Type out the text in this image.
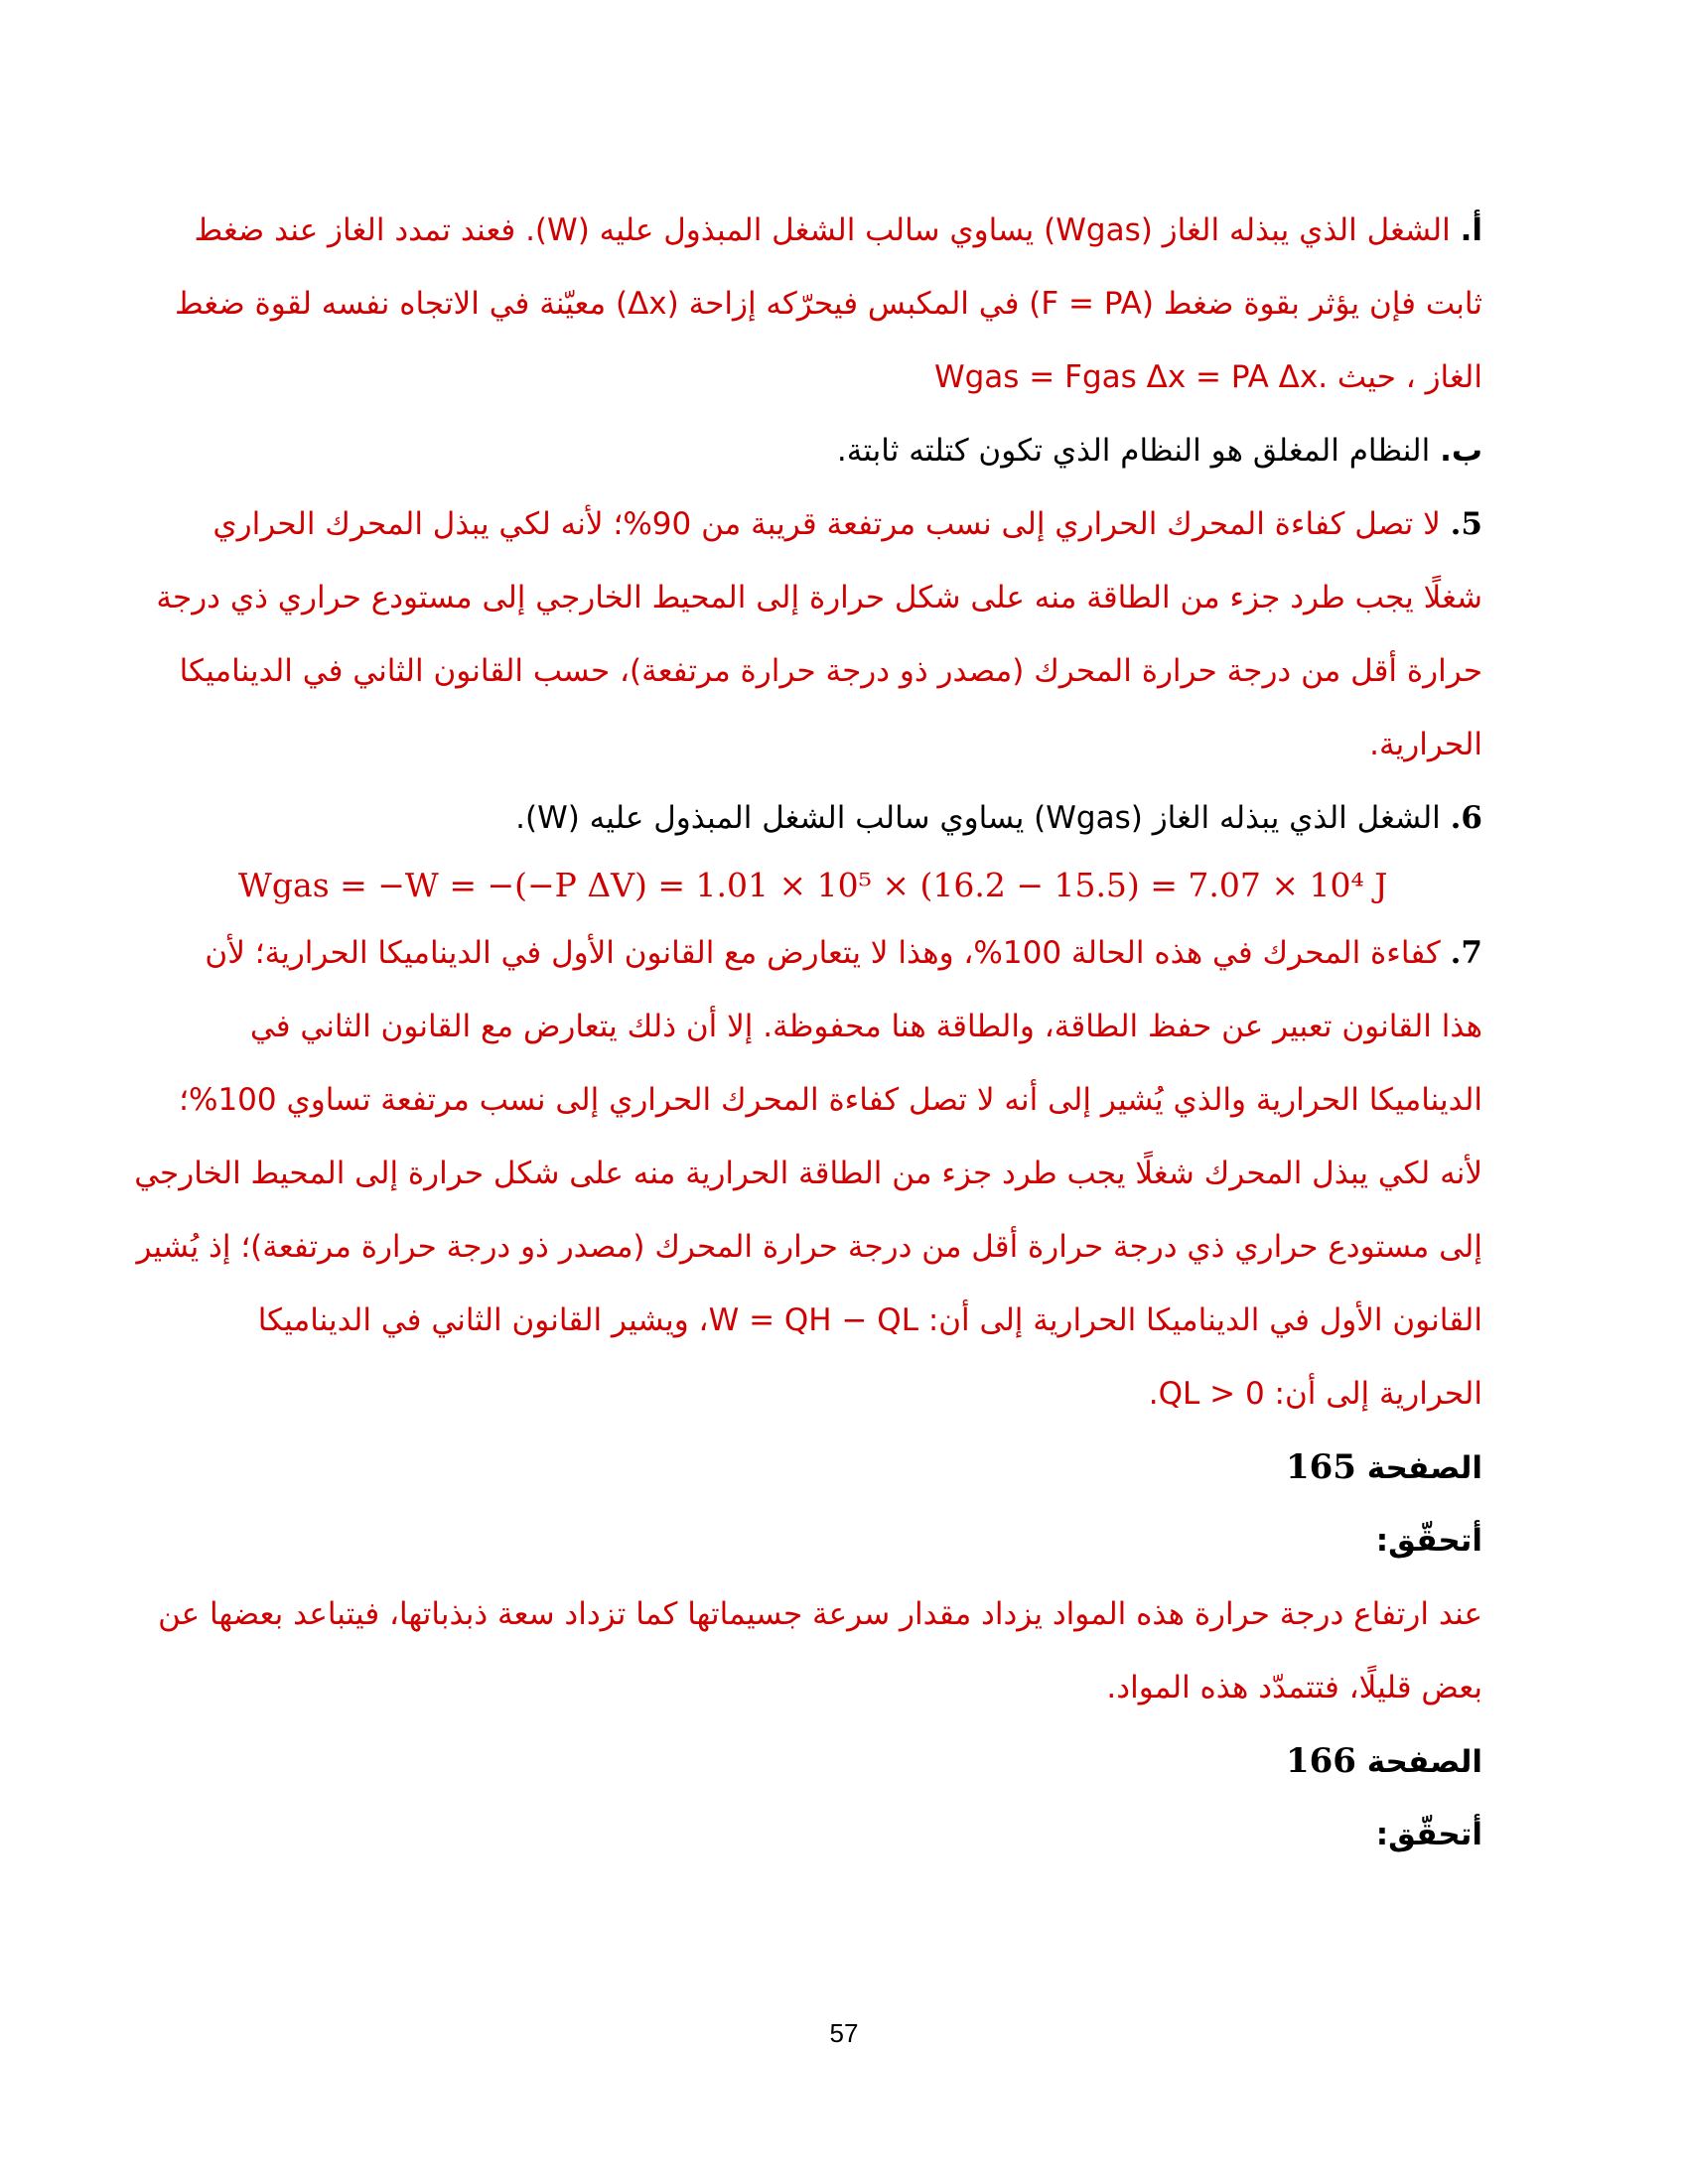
أ. الشغل الذي يبذله الغاز (Wgas) يساوي سالب الشغل المبذول عليه (W). فعند تمدد الغاز عند ضغط
ثابت فإن يؤثر بقوة ضغط (F = PA) في المكبس فيحرّكه إزاحة (Δx) معيّنة في الاتجاه نفسه لقوة ضغط
الغاز ، حيث .Wgas = Fgas Δx = PA Δx
ب. النظام المغلق هو النظام الذي تكون كتلته ثابتة.
5. لا تصل كفاءة المحرك الحراري إلى نسب مرتفعة قريبة من 90%؛ لأنه لكي يبذل المحرك الحراري
شغلًا يجب طرد جزء من الطاقة منه على شكل حرارة إلى المحيط الخارجي إلى مستودع حراري ذي درجة
حرارة أقل من درجة حرارة المحرك (مصدر ذو درجة حرارة مرتفعة)، حسب القانون الثاني في الديناميكا
الحرارية.
6. الشغل الذي يبذله الغاز (Wgas) يساوي سالب الشغل المبذول عليه (W).
Wgas = −W = −(−P ΔV) = 1.01 × 10⁵ × (16.2 − 15.5) = 7.07 × 10⁴ J
7. كفاءة المحرك في هذه الحالة 100%، وهذا لا يتعارض مع القانون الأول في الديناميكا الحرارية؛ لأن
هذا القانون تعبير عن حفظ الطاقة، والطاقة هنا محفوظة. إلا أن ذلك يتعارض مع القانون الثاني في
الديناميكا الحرارية والذي يُشير إلى أنه لا تصل كفاءة المحرك الحراري إلى نسب مرتفعة تساوي 100%؛
لأنه لكي يبذل المحرك شغلًا يجب طرد جزء من الطاقة الحرارية منه على شكل حرارة إلى المحيط الخارجي
إلى مستودع حراري ذي درجة حرارة أقل من درجة حرارة المحرك (مصدر ذو درجة حرارة مرتفعة)؛ إذ يُشير
القانون الأول في الديناميكا الحرارية إلى أن: W = QH − QL، ويشير القانون الثاني في الديناميكا
الحرارية إلى أن: QL > 0.
الصفحة 165
أتحقّق:
عند ارتفاع درجة حرارة هذه المواد يزداد مقدار سرعة جسيماتها كما تزداد سعة ذبذباتها، فيتباعد بعضها عن
بعض قليلًا، فتتمدّد هذه المواد.
الصفحة 166
أتحقّق:
57
